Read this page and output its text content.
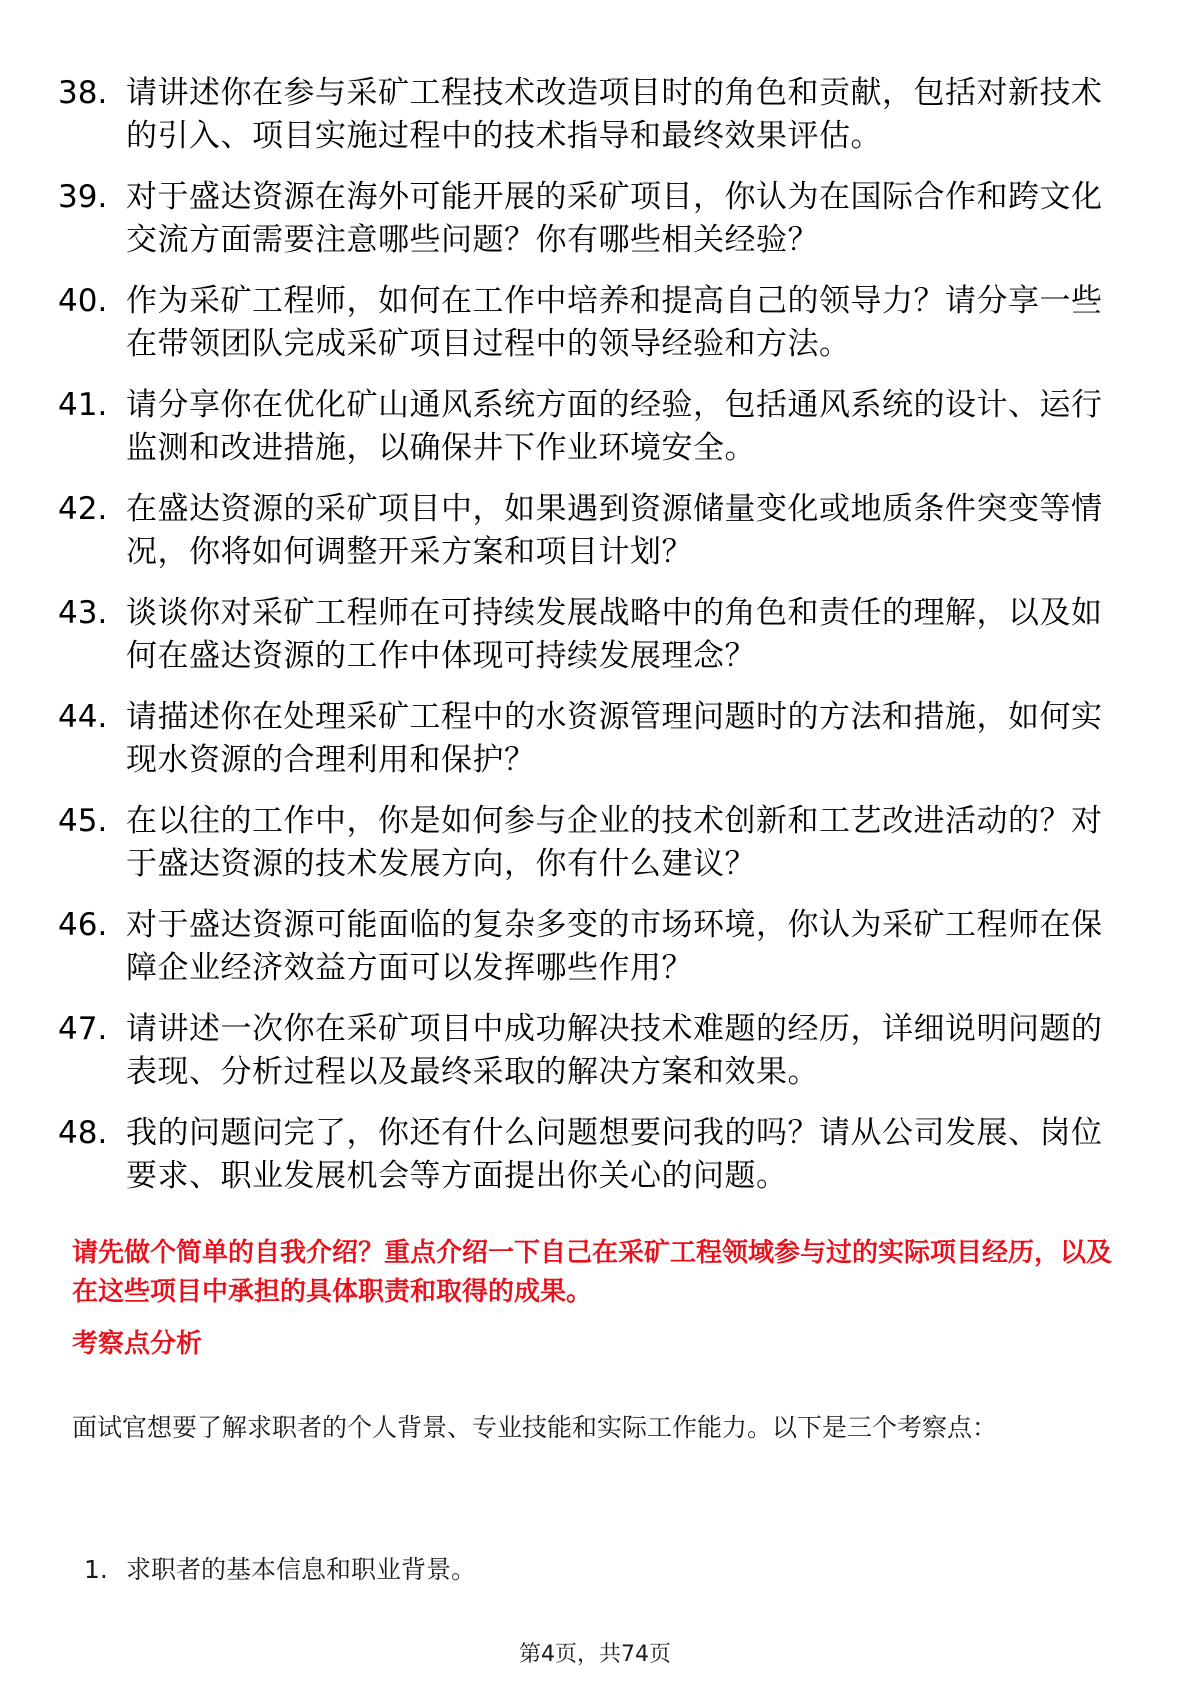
38. 请讲述你在参与采矿工程技术改造项目时的角色和贡献，包括对新技术的引入、项目实施过程中的技术指导和最终效果评估。
39. 对于盛达资源在海外可能开展的采矿项目，你认为在国际合作和跨文化交流方面需要注意哪些问题？你有哪些相关经验？
40. 作为采矿工程师，如何在工作中培养和提高自己的领导力？请分享一些在带领团队完成采矿项目过程中的领导经验和方法。
41. 请分享你在优化矿山通风系统方面的经验，包括通风系统的设计、运行监测和改进措施，以确保井下作业环境安全。
42. 在盛达资源的采矿项目中，如果遇到资源储量变化或地质条件突变等情况，你将如何调整开采方案和项目计划？
43. 谈谈你对采矿工程师在可持续发展战略中的角色和责任的理解，以及如何在盛达资源的工作中体现可持续发展理念？
44. 请描述你在处理采矿工程中的水资源管理问题时的方法和措施，如何实现水资源的合理利用和保护？
45. 在以往的工作中，你是如何参与企业的技术创新和工艺改进活动的？对于盛达资源的技术发展方向，你有什么建议？
46. 对于盛达资源可能面临的复杂多变的市场环境，你认为采矿工程师在保障企业经济效益方面可以发挥哪些作用？
47. 请讲述一次你在采矿项目中成功解决技术难题的经历，详细说明问题的表现、分析过程以及最终采取的解决方案和效果。
48. 我的问题问完了，你还有什么问题想要问我的吗？请从公司发展、岗位要求、职业发展机会等方面提出你关心的问题。
请先做个简单的自我介绍？重点介绍一下自己在采矿工程领域参与过的实际项目经历，以及在这些项目中承担的具体职责和取得的成果。
考察点分析
面试官想要了解求职者的个人背景、专业技能和实际工作能力。以下是三个考察点：
1. 求职者的基本信息和职业背景。
第4页，共74页
